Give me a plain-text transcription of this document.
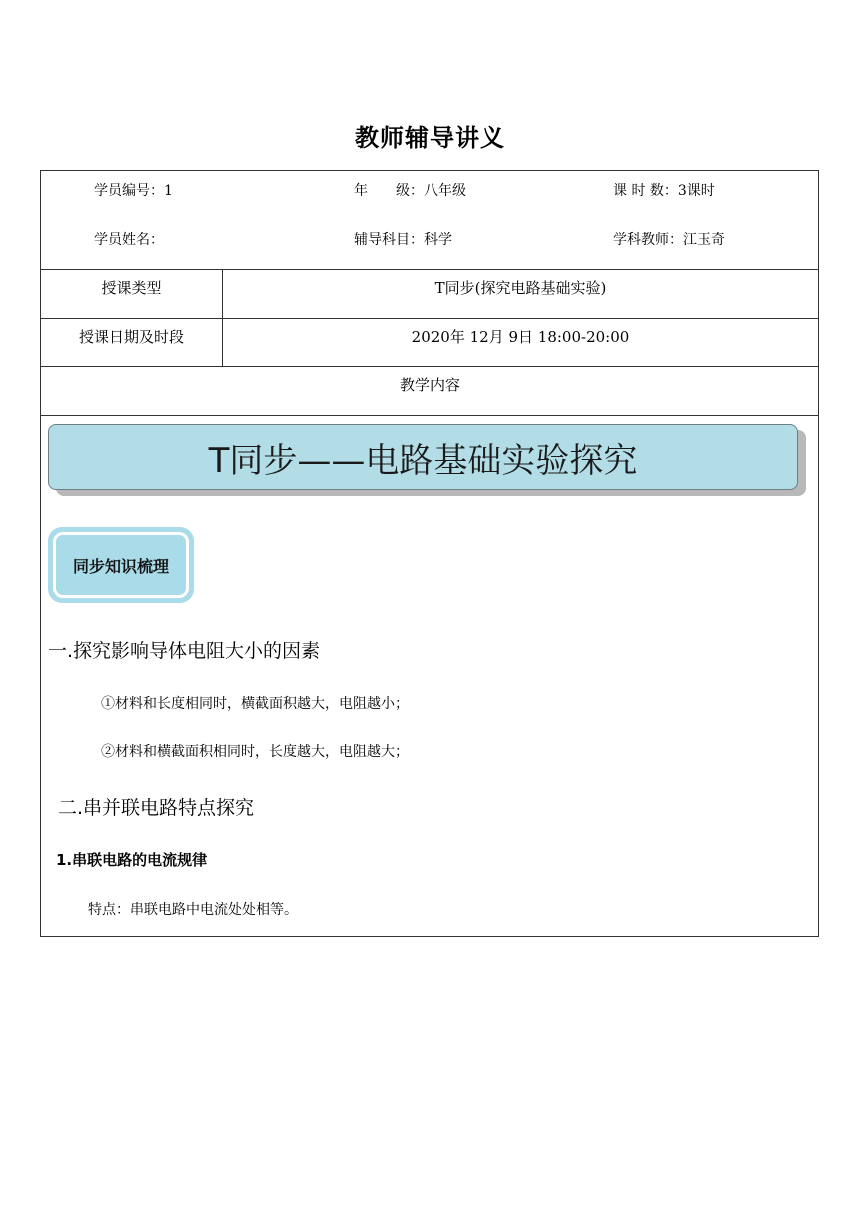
教师辅导讲义
学员编号：1	年　　级：八年级	课 时 数：3课时
学员姓名：	辅导科目：科学	学科教师：江玉奇
授课类型	T同步(探究电路基础实验)
授课日期及时段	2020年 12月 9日 18:00-20:00
教学内容
T同步——电路基础实验探究
同步知识梳理
一.探究影响导体电阻大小的因素
①材料和长度相同时，横截面积越大，电阻越小；
②材料和横截面积相同时，长度越大，电阻越大；
二.串并联电路特点探究
1.串联电路的电流规律
特点：串联电路中电流处处相等。
